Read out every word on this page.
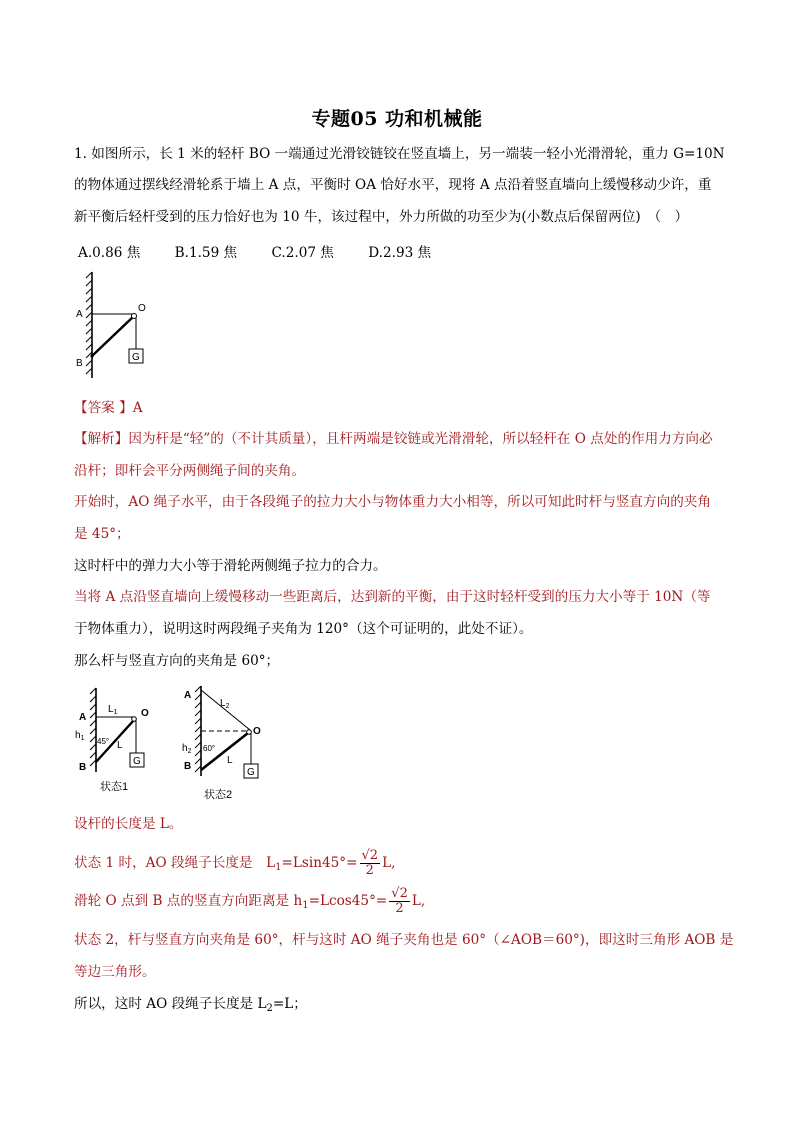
专题05 功和机械能
1. 如图所示，长 1 米的轻杆 BO 一端通过光滑铰链铰在竖直墙上，另一端装一轻小光滑滑轮，重力 G=10N
的物体通过摆线经滑轮系于墙上 A 点，平衡时 OA 恰好水平，现将 A 点沿着竖直墙向上缓慢移动少许，重
新平衡后轻杆受到的压力恰好也为 10 牛，该过程中，外力所做的功至少为(小数点后保留两位)　（　）
A.0.86 焦	B.1.59 焦	C.2.07 焦	D.2.93 焦
G
A
B
O
【答案 】A
【解析】因为杆是“轻”的（不计其质量），且杆两端是铰链或光滑滑轮，所以轻杆在 O 点处的作用力方向必
沿杆；即杆会平分两侧绳子间的夹角。
开始时，AO 绳子水平，由于各段绳子的拉力大小与物体重力大小相等，所以可知此时杆与竖直方向的夹角
是 45°；
这时杆中的弹力大小等于滑轮两侧绳子拉力的合力。
当将 A 点沿竖直墙向上缓慢移动一些距离后，达到新的平衡，由于这时轻杆受到的压力大小等于 10N（等
于物体重力），说明这时两段绳子夹角为 120°（这个可证明的，此处不证）。
那么杆与竖直方向的夹角是 60°；
G
A
B
O
$L_1$
$h_1$ 45° L
状态1
G
A
B
O
$L_2$
$h_2$ 60°
L
状态2
设杆的长度是 L。
状态 1 时，AO 段绳子长度是　$L_1=Lsin45^\circ= \frac{√2}{2} L$,
滑轮 O 点到 B 点的竖直方向距离是 $h_1=Lcos45^\circ= \frac{√2}{2} L$,
状态 2，杆与竖直方向夹角是 60°，杆与这时 AO 绳子夹角也是 60°（∠AOB＝60°)，即这时三角形 AOB 是
等边三角形。
所以，这时 AO 段绳子长度是 $L_2=L$；
